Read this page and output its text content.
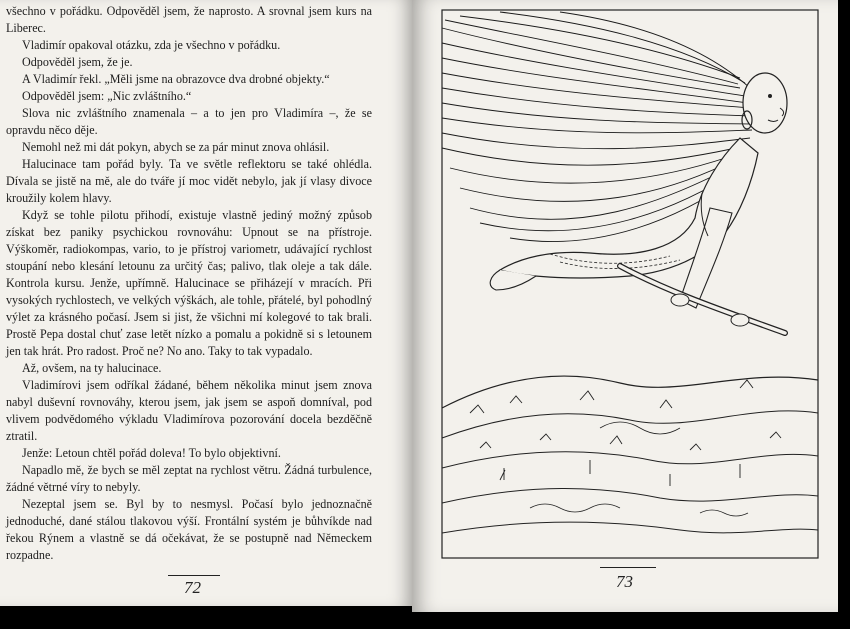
všechno v pořádku. Odpověděl jsem, že naprosto. A srovnal jsem kurs na Liberec.

Vladimír opakoval otázku, zda je všechno v pořádku.

Odpověděl jsem, že je.

A Vladimír řekl. „Měli jsme na obrazovce dva drobné objekty.“

Odpověděl jsem: „Nic zvláštního.“

Slova nic zvláštního znamenala – a to jen pro Vladimíra –, že se opravdu něco děje.

Nemohl než mi dát pokyn, abych se za pár minut znova ohlásil.

Halucinace tam pořád byly. Ta ve světle reflektoru se také ohlédla. Dívala se jistě na mě, ale do tváře jí moc vidět nebylo, jak jí vlasy divoce kroužily kolem hlavy.

Když se tohle pilotu přihodí, existuje vlastně jediný možný způsob získat bez paniky psychickou rovnováhu: Upnout se na přístroje. Výškoměr, radiokompas, vario, to je přístroj variometr, udávající rychlost stoupání nebo klesání letounu za určitý čas; palivo, tlak oleje a tak dále. Kontrola kursu. Jenže, upřímně. Halucinace se přiházejí v mracích. Při vysokých rychlostech, ve velkých výškách, ale tohle, přátelé, byl pohodlný výlet za krásného počasí. Jsem si jist, že všichni mí kolegové to tak brali. Prostě Pepa dostal chuť zase letět nízko a pomalu a pokidně si s letounem jen tak hrát. Pro radost. Proč ne? No ano. Taky to tak vypadalo.

Až, ovšem, na ty halucinace.

Vladimírovi jsem odříkal žádané, během několika minut jsem znova nabyl duševní rovnováhy, kterou jsem, jak jsem se aspoň domníval, pod vlivem podvědomého výkladu Vladimírova pozorování docela bezděčně ztratil.

Jenže: Letoun chtěl pořád doleva! To bylo objektivní.

Napadlo mě, že bych se měl zeptat na rychlost větru. Žádná turbulence, žádné větrné víry to nebyly.

Nezeptal jsem se. Byl by to nesmysl. Počasí bylo jednoznačně jednoduché, dané stálou tlakovou výší. Frontální systém je bůhvíkde nad řekou Rýnem a vlastně se dá očekávat, že se postupně nad Německem rozpadne.

72	73
